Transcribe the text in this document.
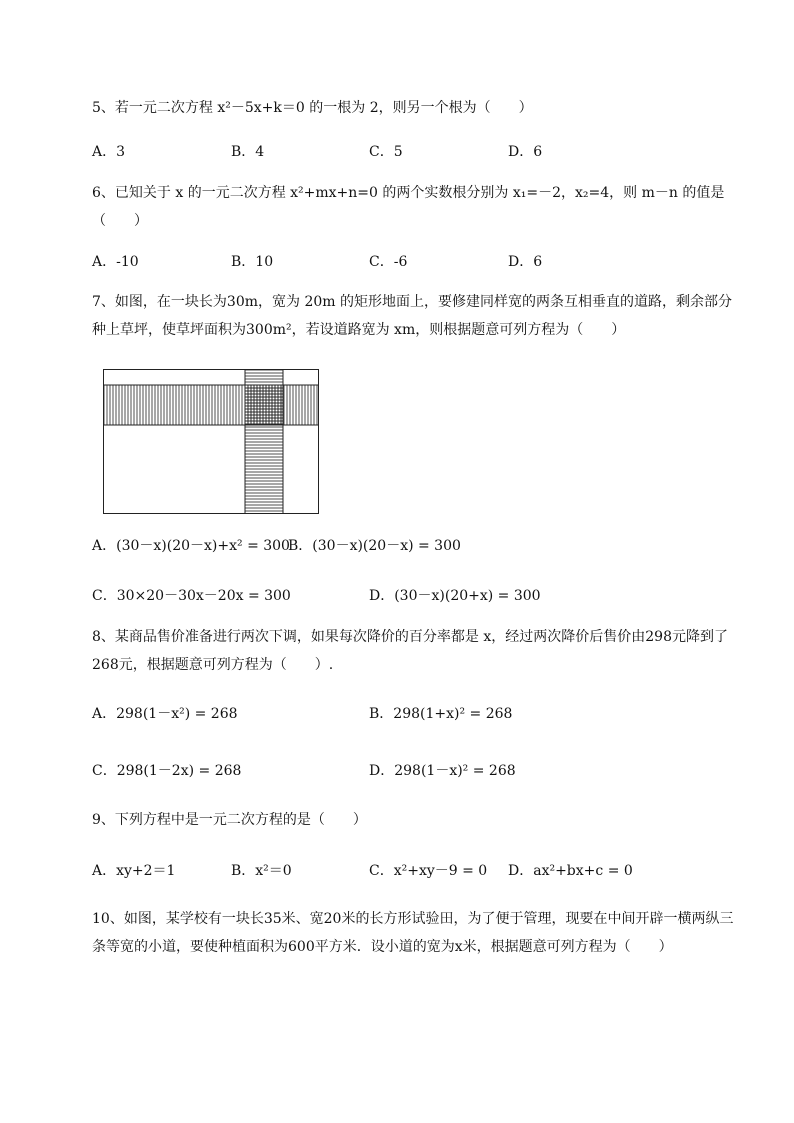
5、若一元二次方程 x²－5x+k＝0 的一根为 2，则另一个根为（　　）
A．3	B．4	C．5	D．6
6、已知关于 x 的一元二次方程 x²+mx+n=0 的两个实数根分别为 x₁=－2，x₂=4，则 m－n 的值是（　　）
A．-10	B．10	C．-6	D．6
7、如图，在一块长为30m，宽为 20m 的矩形地面上，要修建同样宽的两条互相垂直的道路，剩余部分种上草坪，使草坪面积为300m²，若设道路宽为 xm，则根据题意可列方程为（　　）
A．(30－x)(20－x)+x² = 300
B．(30－x)(20－x) = 300
C．30×20－30x－20x = 300	D．(30－x)(20+x) = 300
8、某商品售价准备进行两次下调，如果每次降价的百分率都是 x，经过两次降价后售价由298元降到了268元，根据题意可列方程为（　　）.
A．298(1－x²) = 268	B．298(1+x)² = 268
C．298(1－2x) = 268	D．298(1－x)² = 268
9、下列方程中是一元二次方程的是（　　）
A．xy+2＝1	B．x²＝0	C．x²+xy－9 = 0 D．ax²+bx+c = 0
10、如图，某学校有一块长35米、宽20米的长方形试验田，为了便于管理，现要在中间开辟一横两纵三条等宽的小道，要使种植面积为600平方米．设小道的宽为x米，根据题意可列方程为（　　）
